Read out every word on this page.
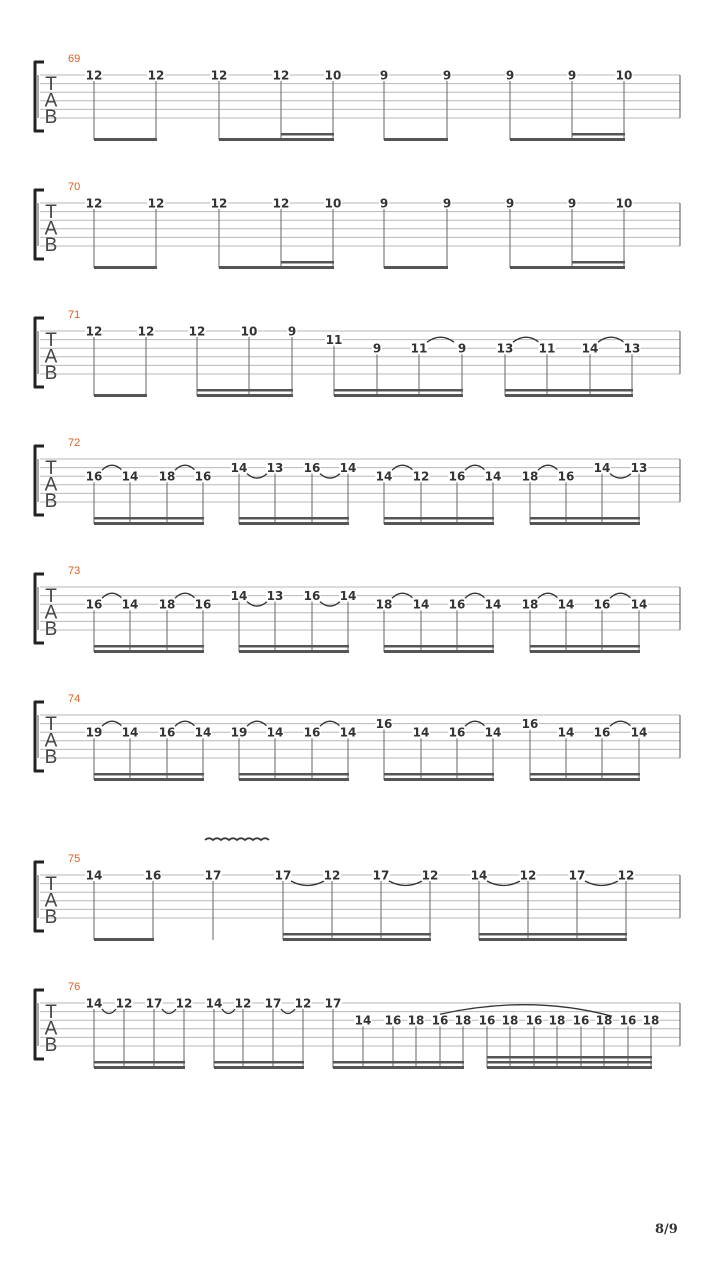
T
A
B
69
12	12	12	12	10	9	9	9	9	10
T
A
B
70
12	12	12	12	10	9	9	9	9	10
T
A
B
71
12	12	12	10	9
11
9 11	9	13 11 14 13
T
A
B
72
16 14 18 16
14 13 16 14
14 12 16 14 18 16
14 13
T
A
B
73
16 14 18 16
14 13 16 14
18 14 16 14 18 14 16 14
T
A
B
74
19 14 16 14 19 14 16 14
16
14 16 14
16
14 16 14
T
A
B
75
14	16	17	17	12	17	12	14	12	17	12
T
A
B
76
14 12 17 12 14 12 17 12 17
14 16 18 16 18 16 18 16 18 16 18 16 18
8/9
